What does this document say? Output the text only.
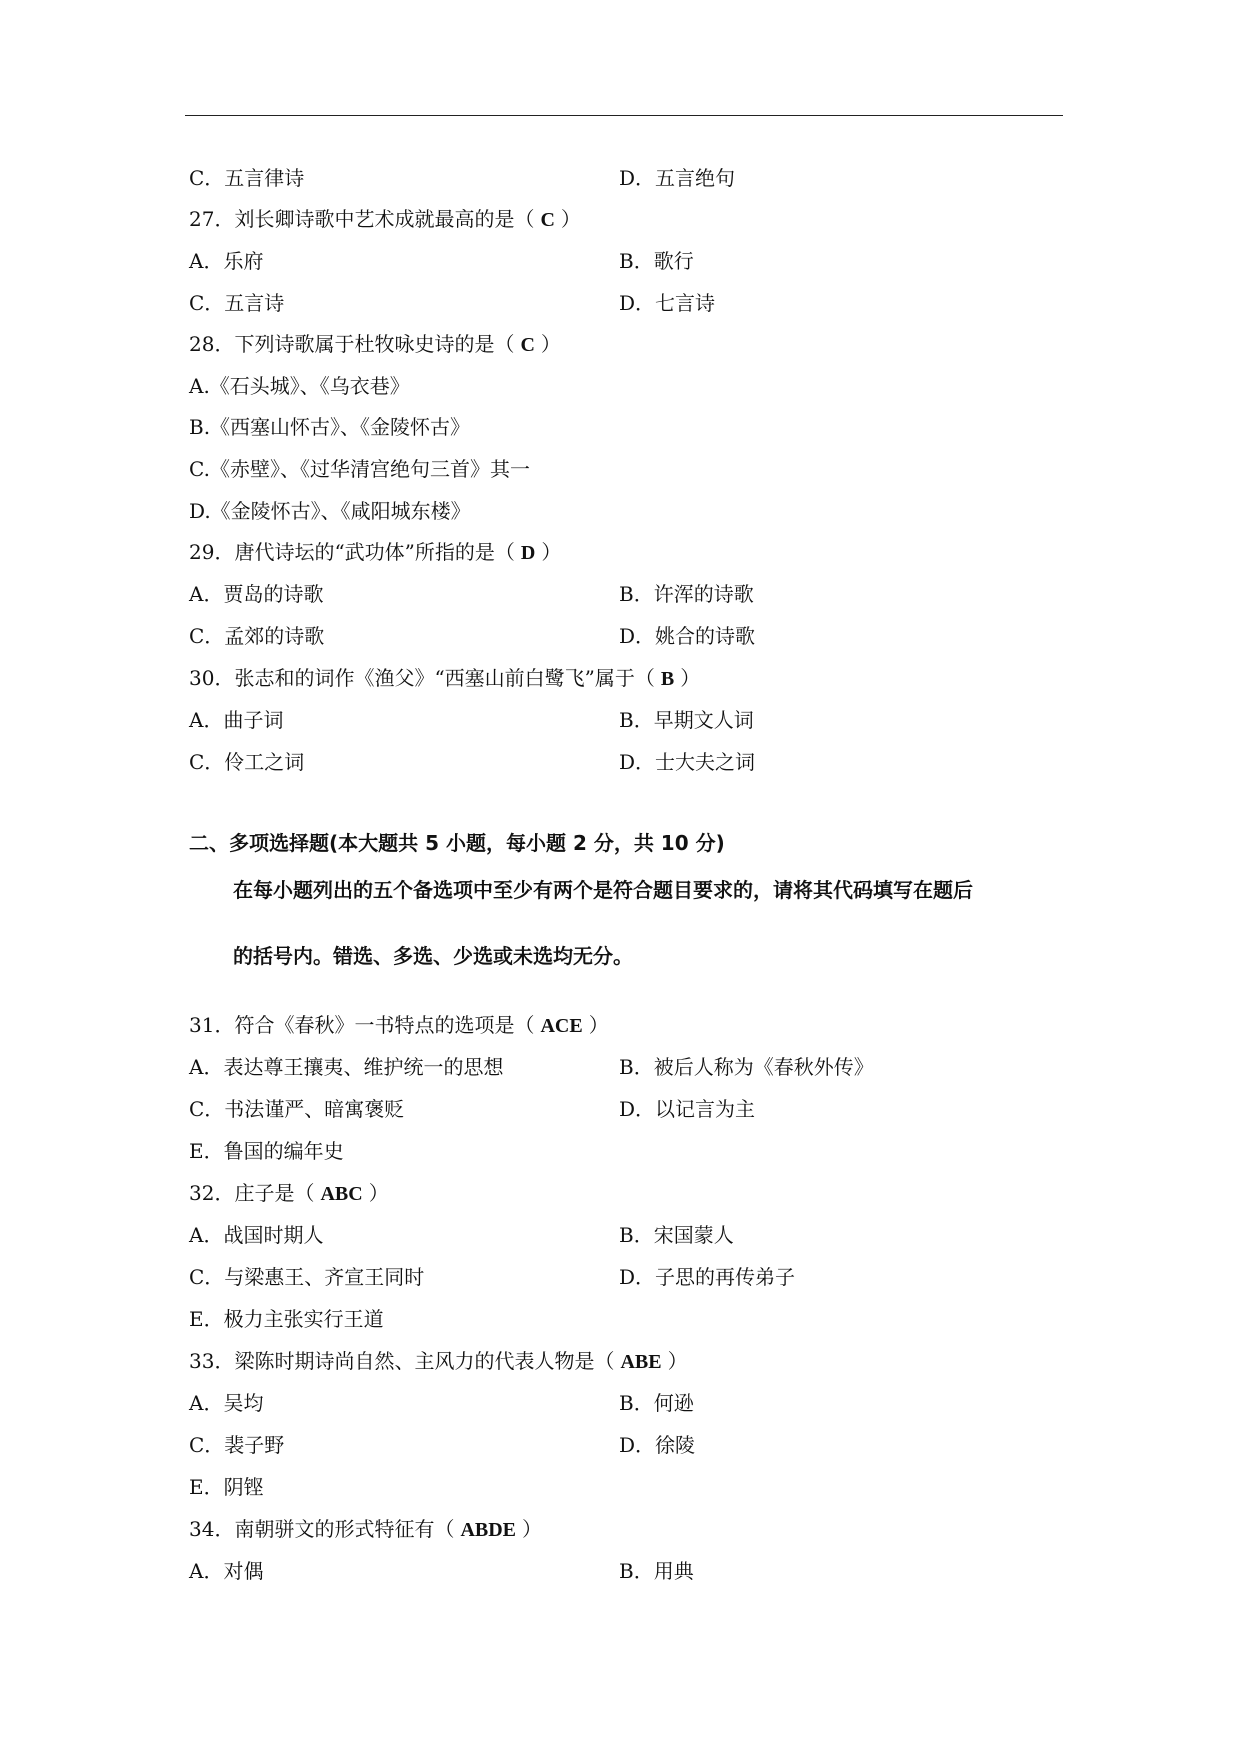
C．五言律诗	D．五言绝句
27．刘长卿诗歌中艺术成就最高的是（ C ）
A．乐府	B．歌行
C．五言诗	D．七言诗
28．下列诗歌属于杜牧咏史诗的是（ C ）
A.《石头城》、《乌衣巷》
B.《西塞山怀古》、《金陵怀古》
C.《赤壁》、《过华清宫绝句三首》其一
D.《金陵怀古》、《咸阳城东楼》
29．唐代诗坛的“武功体”所指的是（ D ）
A．贾岛的诗歌	B．许浑的诗歌
C．孟郊的诗歌	D．姚合的诗歌
30．张志和的词作《渔父》“西塞山前白鹭飞”属于（ B ）
A．曲子词	B．早期文人词
C．伶工之词	D．士大夫之词
二、多项选择题(本大题共 5 小题，每小题 2 分，共 10 分)
在每小题列出的五个备选项中至少有两个是符合题目要求的，请将其代码填写在题后
的括号内。错选、多选、少选或未选均无分。
31．符合《春秋》一书特点的选项是（ ACE ）
A．表达尊王攘夷、维护统一的思想	B．被后人称为《春秋外传》
C．书法谨严、暗寓褒贬	D．以记言为主
E．鲁国的编年史
32．庄子是（ ABC ）
A．战国时期人	B．宋国蒙人
C．与梁惠王、齐宣王同时	D．子思的再传弟子
E．极力主张实行王道
33．梁陈时期诗尚自然、主风力的代表人物是（ ABE ）
A．吴均	B．何逊
C．裴子野	D．徐陵
E．阴铿
34．南朝骈文的形式特征有（ ABDE ）
A．对偶	B．用典
